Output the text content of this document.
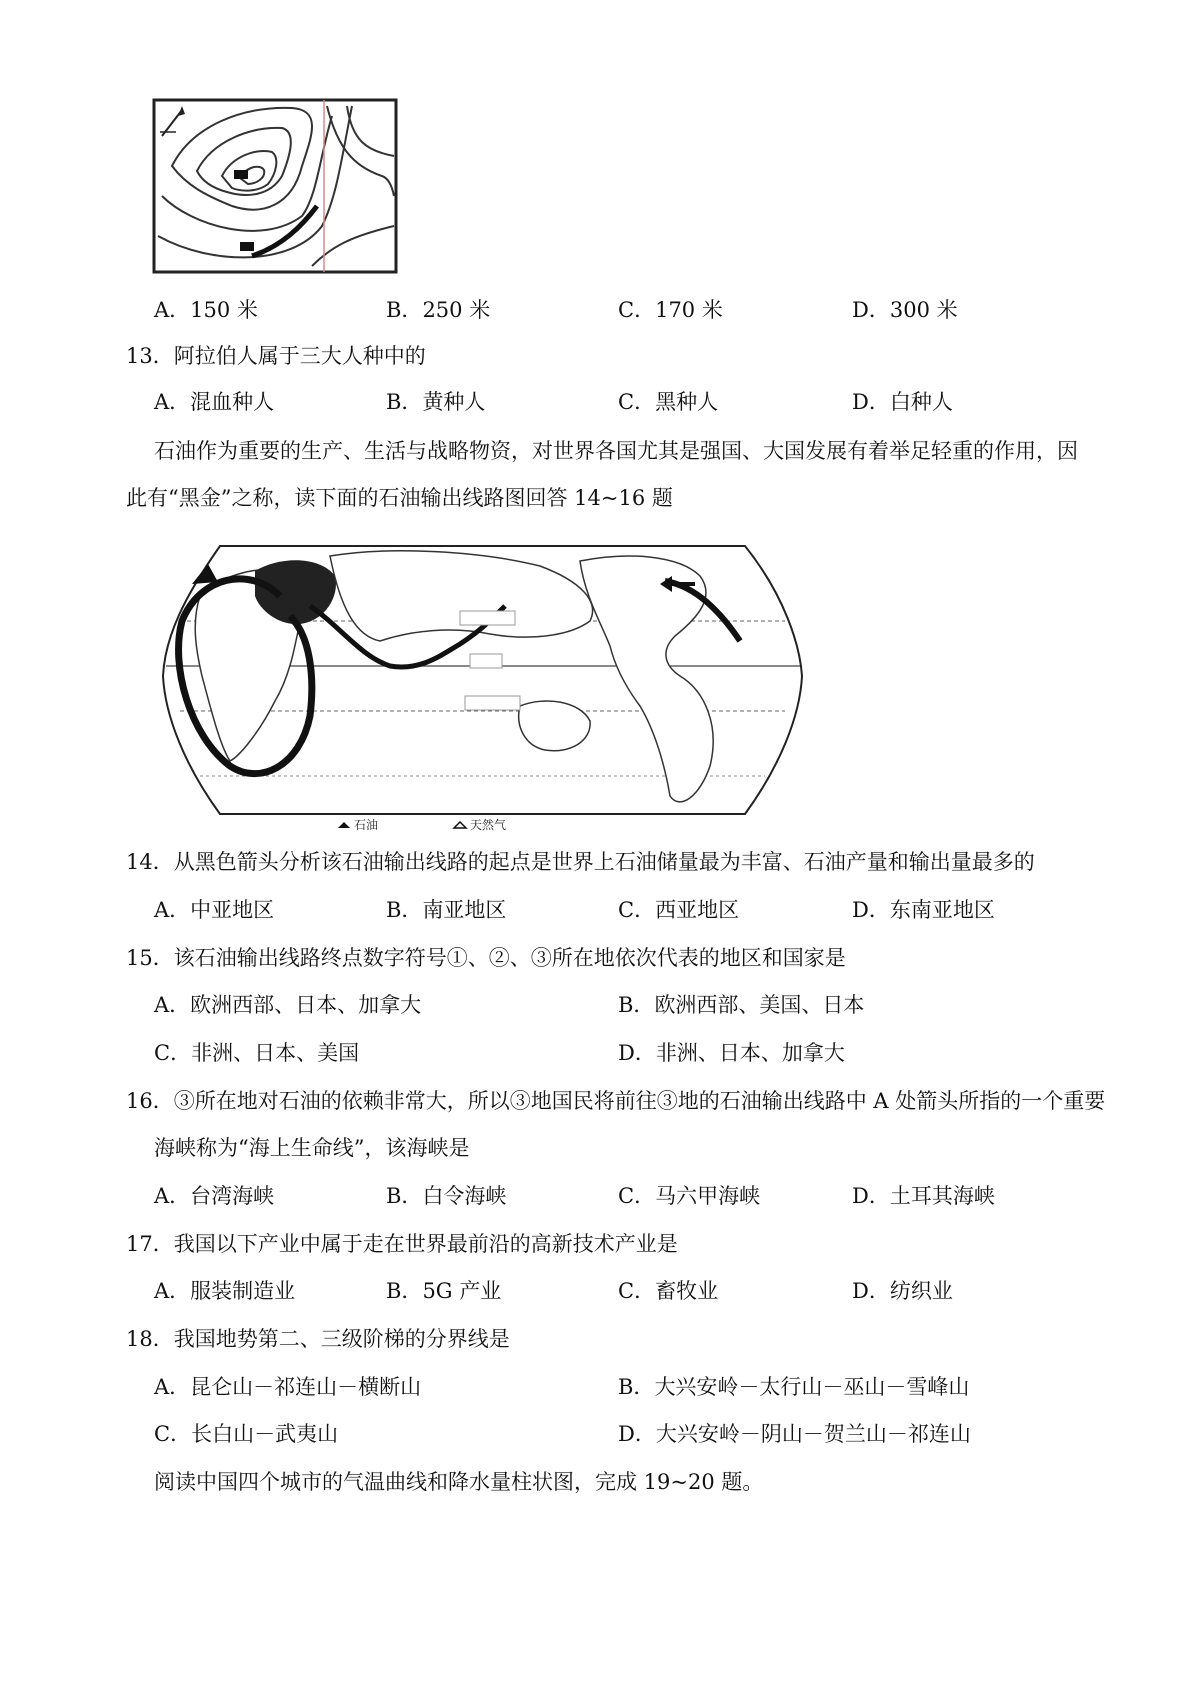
A．150 米	B．250 米	C．170 米	D．300 米
13．阿拉伯人属于三大人种中的
A．混血种人	B．黄种人	C．黑种人	D．白种人
石油作为重要的生产、生活与战略物资，对世界各国尤其是强国、大国发展有着举足轻重的作用，因
此有“黑金”之称，读下面的石油输出线路图回答 14~16 题
石油	天然气
14．从黑色箭头分析该石油输出线路的起点是世界上石油储量最为丰富、石油产量和输出量最多的
A．中亚地区	B．南亚地区	C．西亚地区	D．东南亚地区
15．该石油输出线路终点数字符号①、②、③所在地依次代表的地区和国家是
A．欧洲西部、日本、加拿大	B．欧洲西部、美国、日本
C．非洲、日本、美国	D．非洲、日本、加拿大
16．③所在地对石油的依赖非常大，所以③地国民将前往③地的石油输出线路中 A 处箭头所指的一个重要
海峡称为“海上生命线”，该海峡是
A．台湾海峡	B．白令海峡	C．马六甲海峡	D．土耳其海峡
17．我国以下产业中属于走在世界最前沿的高新技术产业是
A．服装制造业	B．5G 产业	C．畜牧业	D．纺织业
18．我国地势第二、三级阶梯的分界线是
A．昆仑山－祁连山－横断山	B．大兴安岭－太行山－巫山－雪峰山
C．长白山－武夷山	D．大兴安岭－阴山－贺兰山－祁连山
阅读中国四个城市的气温曲线和降水量柱状图，完成 19~20 题。
